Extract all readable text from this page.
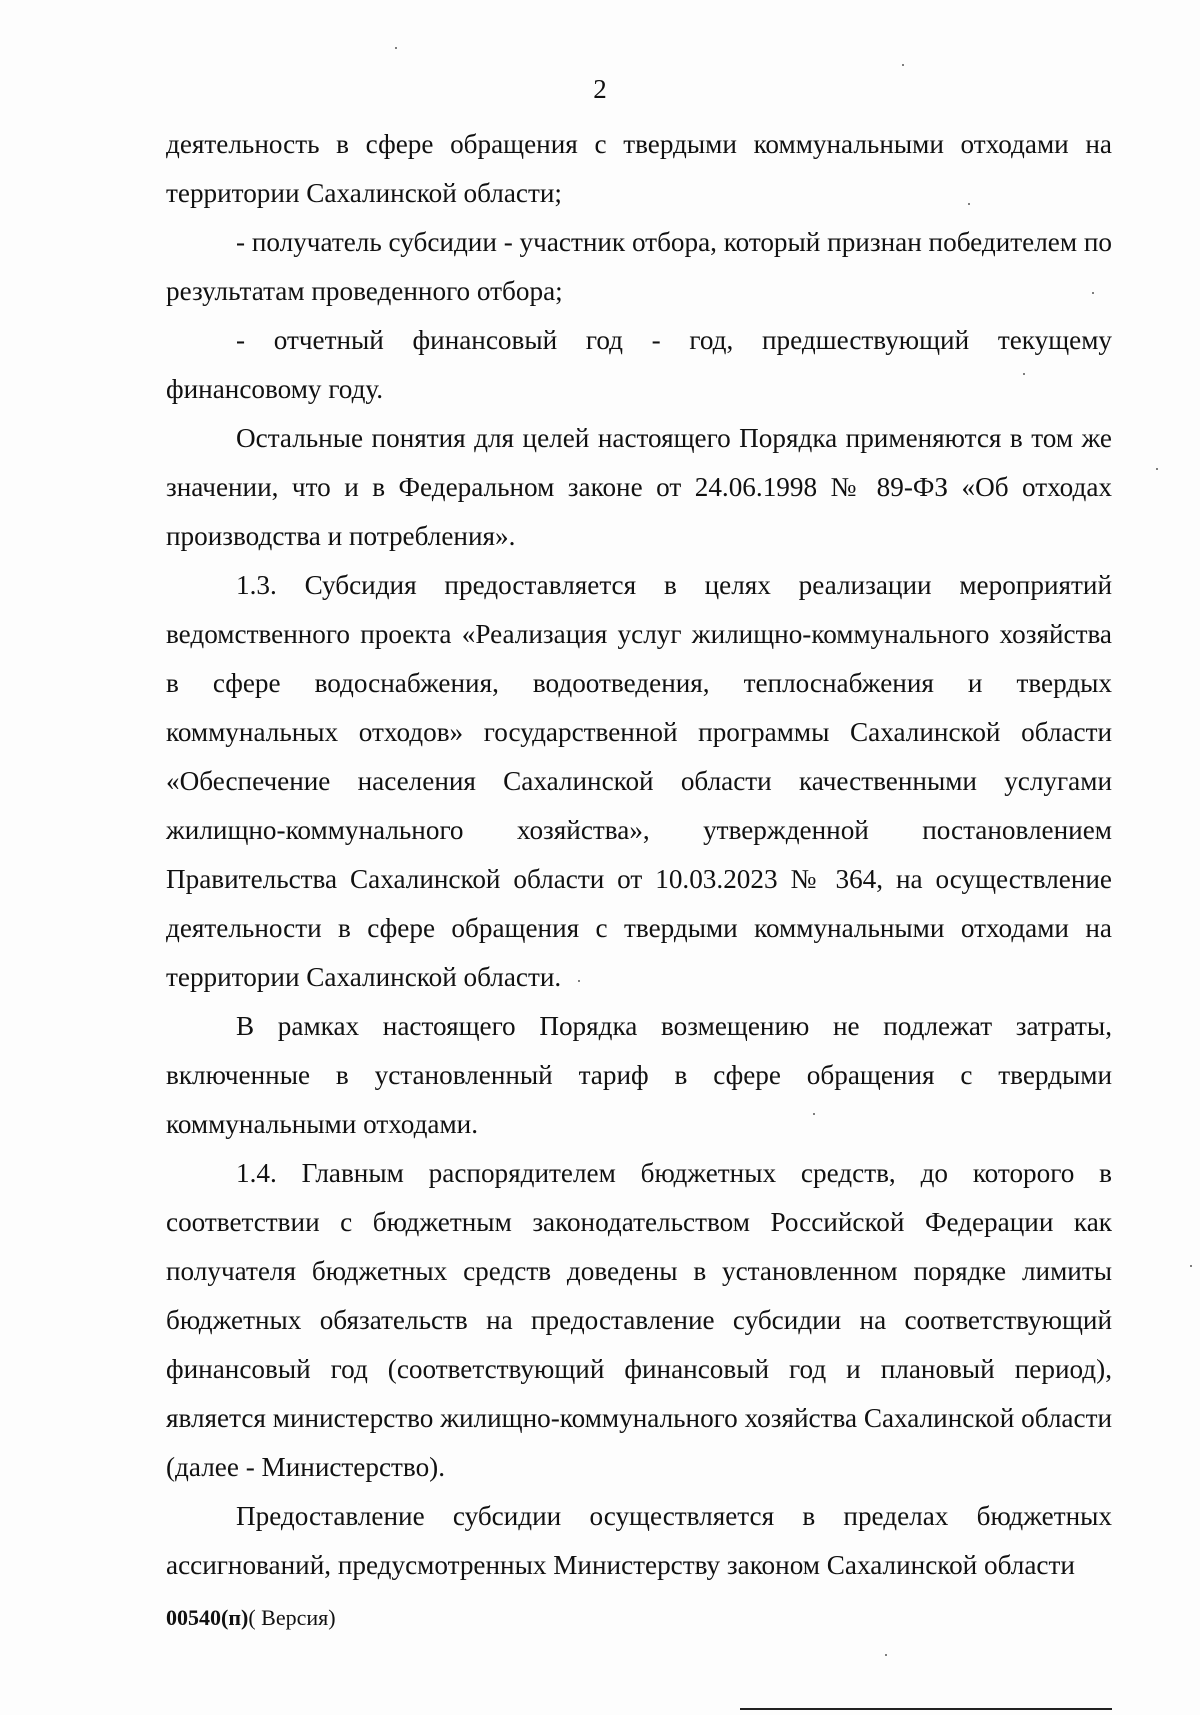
2

деятельность в сфере обращения с твердыми коммунальными отходами на территории Сахалинской области;

- получатель субсидии - участник отбора, который признан победителем по результатам проведенного отбора;

- отчетный финансовый год - год, предшествующий текущему финансовому году.

Остальные понятия для целей настоящего Порядка применяются в том же значении, что и в Федеральном законе от 24.06.1998 № 89-ФЗ «Об отходах производства и потребления».

1.3. Субсидия предоставляется в целях реализации мероприятий ведомственного проекта «Реализация услуг жилищно-коммунального хозяйства в сфере водоснабжения, водоотведения, теплоснабжения и твердых коммунальных отходов» государственной программы Сахалинской области «Обеспечение населения Сахалинской области качественными услугами жилищно-коммунального хозяйства», утвержденной постановлением Правительства Сахалинской области от 10.03.2023 № 364, на осуществление деятельности в сфере обращения с твердыми коммунальными отходами на территории Сахалинской области.

В рамках настоящего Порядка возмещению не подлежат затраты, включенные в установленный тариф в сфере обращения с твердыми коммунальными отходами.

1.4. Главным распорядителем бюджетных средств, до которого в соответствии с бюджетным законодательством Российской Федерации как получателя бюджетных средств доведены в установленном порядке лимиты бюджетных обязательств на предоставление субсидии на соответствующий финансовый год (соответствующий финансовый год и плановый период), является министерство жилищно-коммунального хозяйства Сахалинской области (далее - Министерство).

Предоставление субсидии осуществляется в пределах бюджетных ассигнований, предусмотренных Министерству законом Сахалинской области

00540(п)( Версия)
